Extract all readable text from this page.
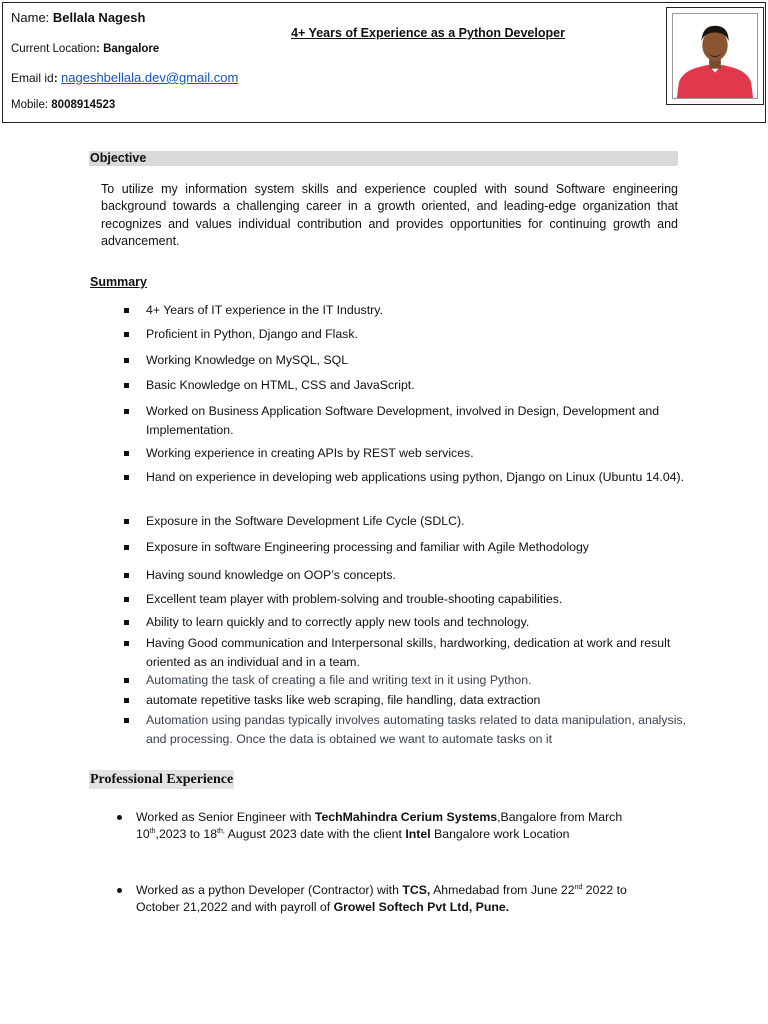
Name: Bellala Nagesh
4+ Years of Experience as a Python Developer
Current Location: Bangalore
Email id: nageshbellala.dev@gmail.com
Mobile: 8008914523
Objective
To utilize my information system skills and experience coupled with sound Software engineering background towards a challenging career in a growth oriented, and leading-edge organization that recognizes and values individual contribution and provides opportunities for continuing growth and advancement.
Summary
4+ Years of IT experience in the IT Industry.
Proficient in Python, Django and Flask.
Working Knowledge on MySQL, SQL
Basic Knowledge on HTML, CSS and JavaScript.
Worked on Business Application Software Development, involved in Design, Development and Implementation.
Working experience in creating APIs by REST web services.
Hand on experience in developing web applications using python, Django on Linux (Ubuntu 14.04).
Exposure in the Software Development Life Cycle (SDLC).
Exposure in software Engineering processing and familiar with Agile Methodology
Having sound knowledge on OOP’s concepts.
Excellent team player with problem-solving and trouble-shooting capabilities.
Ability to learn quickly and to correctly apply new tools and technology.
Having Good communication and Interpersonal skills, hardworking, dedication at work and result oriented as an individual and in a team.
Automating the task of creating a file and writing text in it using Python.
automate repetitive tasks like web scraping, file handling, data extraction
Automation using pandas typically involves automating tasks related to data manipulation, analysis, and processing. Once the data is obtained we want to automate tasks on it
Professional Experience
Worked as Senior Engineer with TechMahindra Cerium Systems,Bangalore from March 10th,2023 to $18^{th,}$ August 2023 date with the client Intel Bangalore work Location
Worked as a python Developer (Contractor) with TCS, Ahmedabad from June 22nd 2022 to October 21,2022 and with payroll of Growel Softech Pvt Ltd, Pune.
